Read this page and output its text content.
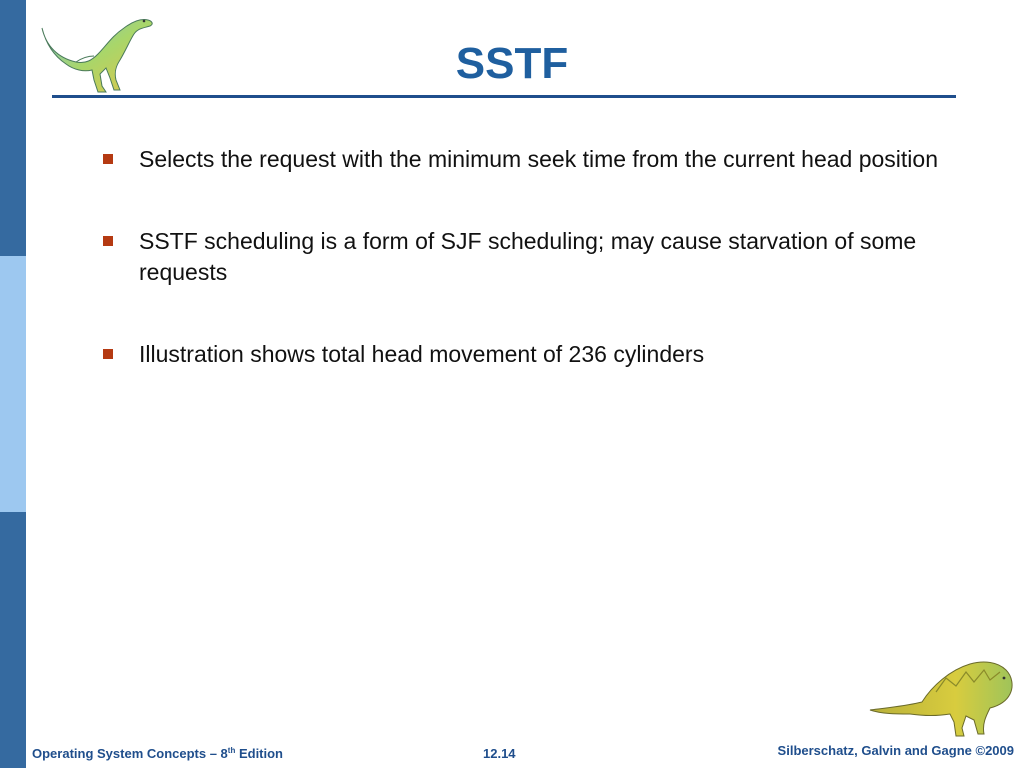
SSTF
Selects the request with the minimum seek time from the current head position
SSTF scheduling is a form of SJF scheduling; may cause starvation of some requests
Illustration shows total head movement of 236 cylinders
Operating System Concepts – 8th Edition	12.14	Silberschatz, Galvin and Gagne ©2009
